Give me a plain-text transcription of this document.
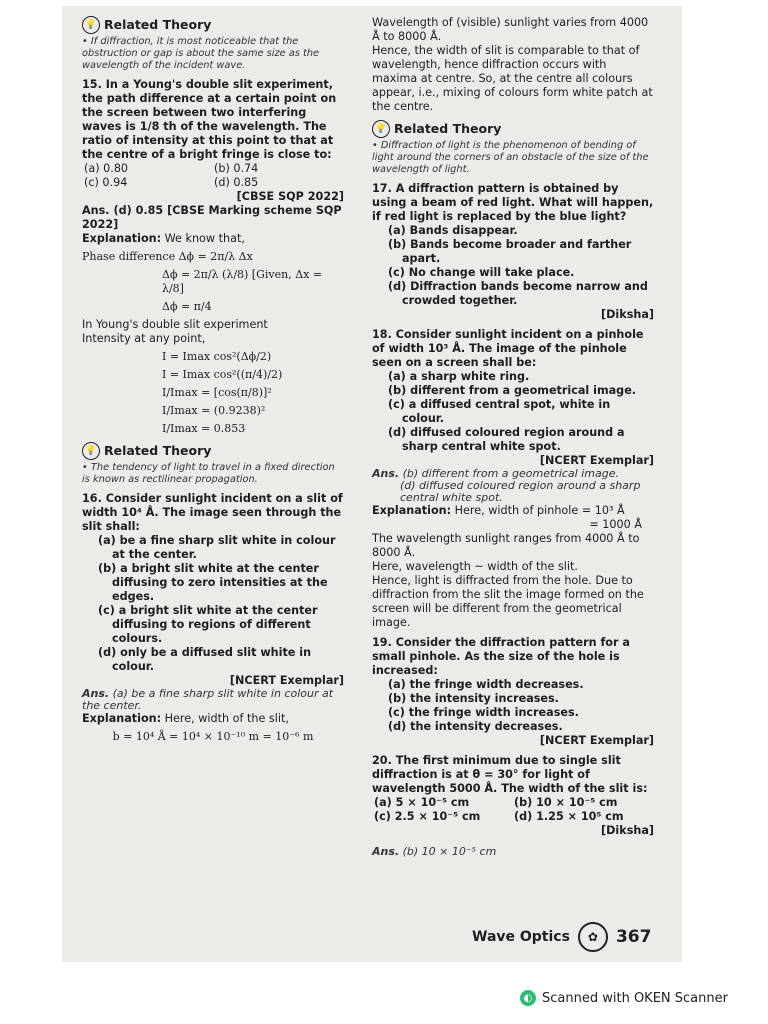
💡 Related Theory
• If diffraction, it is most noticeable that the obstruction or gap is about the same size as the wavelength of the incident wave.
15. In a Young's double slit experiment, the path difference at a certain point on the screen between two interfering waves is 1/8 th of the wavelength. The ratio of intensity at this point to that at the centre of a bright fringe is close to:
(a) 0.80	(b) 0.74
(c) 0.94	(d) 0.85
[CBSE SQP 2022]
Ans. (d) 0.85 [CBSE Marking scheme SQP 2022]
Explanation: We know that,
Phase difference Δϕ = 2π/λ Δx
Δϕ = 2π/λ (λ/8) [Given, Δx = λ/8]
Δϕ = π/4
In Young's double slit experiment
Intensity at any point,
I = Imax cos²(Δϕ/2)
I = Imax cos²((π/4)/2)
I/Imax = [cos(π/8)]²
I/Imax = (0.9238)²
I/Imax = 0.853
💡 Related Theory
• The tendency of light to travel in a fixed direction is known as rectilinear propagation.
16. Consider sunlight incident on a slit of width 10⁴ Å. The image seen through the slit shall:
(a) be a fine sharp slit white in colour at the center.
(b) a bright slit white at the center diffusing to zero intensities at the edges.
(c) a bright slit white at the center diffusing to regions of different colours.
(d) only be a diffused slit white in colour.
[NCERT Exemplar]
Ans. (a) be a fine sharp slit white in colour at the center.
Explanation: Here, width of the slit,
b = 10⁴ Å = 10⁴ × 10⁻¹⁰ m = 10⁻⁶ m
Wavelength of (visible) sunlight varies from 4000 Å to 8000 Å.
Hence, the width of slit is comparable to that of wavelength, hence diffraction occurs with maxima at centre. So, at the centre all colours appear, i.e., mixing of colours form white patch at the centre.
💡 Related Theory
• Diffraction of light is the phenomenon of bending of light around the corners of an obstacle of the size of the wavelength of light.
17. A diffraction pattern is obtained by using a beam of red light. What will happen, if red light is replaced by the blue light?
(a) Bands disappear.
(b) Bands become broader and farther apart.
(c) No change will take place.
(d) Diffraction bands become narrow and crowded together.
[Diksha]
18. Consider sunlight incident on a pinhole of width 10³ Å. The image of the pinhole seen on a screen shall be:
(a) a sharp white ring.
(b) different from a geometrical image.
(c) a diffused central spot, white in colour.
(d) diffused coloured region around a sharp central white spot.
[NCERT Exemplar]
Ans. (b) different from a geometrical image.
(d) diffused coloured region around a sharp central white spot.
Explanation: Here, width of pinhole = 10³ Å
= 1000 Å
The wavelength sunlight ranges from 4000 Å to 8000 Å.
Here, wavelength ~ width of the slit.
Hence, light is diffracted from the hole. Due to diffraction from the slit the image formed on the screen will be different from the geometrical image.
19. Consider the diffraction pattern for a small pinhole. As the size of the hole is increased:
(a) the fringe width decreases.
(b) the intensity increases.
(c) the fringe width increases.
(d) the intensity decreases.
[NCERT Exemplar]
20. The first minimum due to single slit diffraction is at θ = 30° for light of wavelength 5000 Å. The width of the slit is:
(a) 5 × 10⁻⁵ cm	(b) 10 × 10⁻⁵ cm
(c) 2.5 × 10⁻⁵ cm	(d) 1.25 × 10⁵ cm
[Diksha]
Ans. (b) 10 × 10⁻⁵ cm
Wave Optics	✿	367
◐ Scanned with OKEN Scanner
